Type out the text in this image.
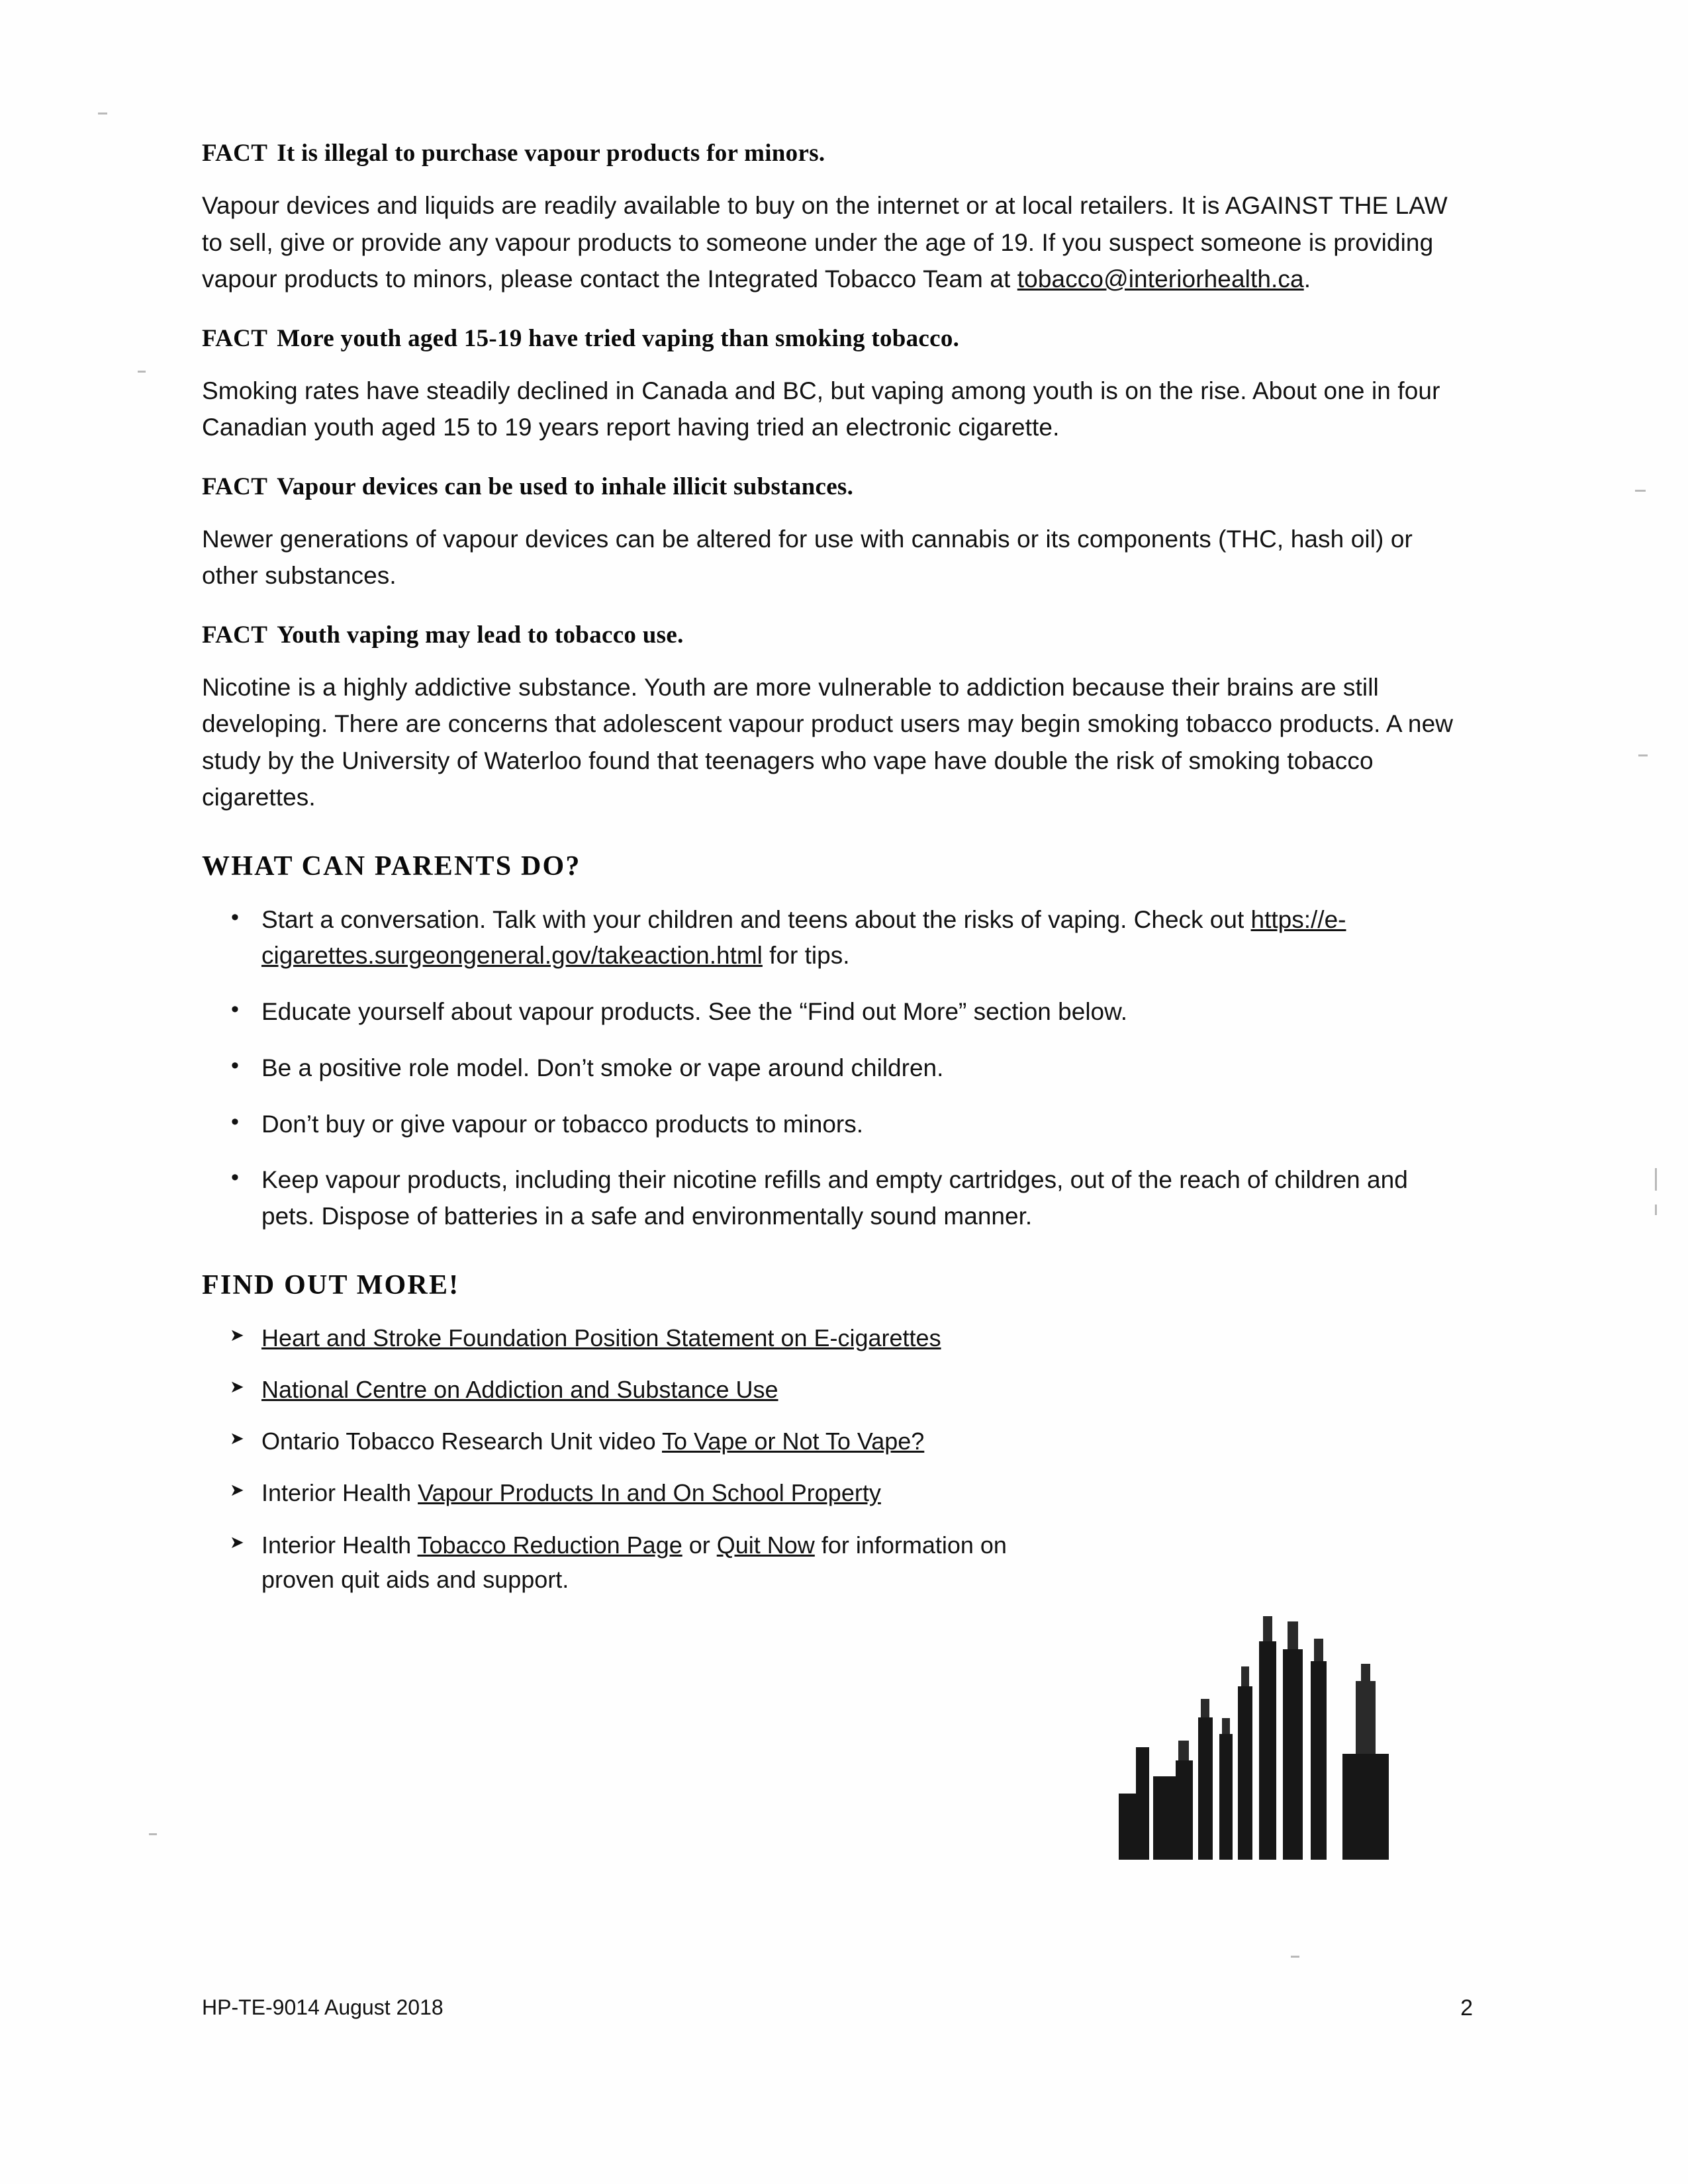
FACT It is illegal to purchase vapour products for minors.

Vapour devices and liquids are readily available to buy on the internet or at local retailers. It is AGAINST THE LAW to sell, give or provide any vapour products to someone under the age of 19. If you suspect someone is providing vapour products to minors, please contact the Integrated Tobacco Team at tobacco@interiorhealth.ca.

FACT More youth aged 15-19 have tried vaping than smoking tobacco.

Smoking rates have steadily declined in Canada and BC, but vaping among youth is on the rise. About one in four Canadian youth aged 15 to 19 years report having tried an electronic cigarette.

FACT Vapour devices can be used to inhale illicit substances.

Newer generations of vapour devices can be altered for use with cannabis or its components (THC, hash oil) or other substances.

FACT Youth vaping may lead to tobacco use.

Nicotine is a highly addictive substance. Youth are more vulnerable to addiction because their brains are still developing. There are concerns that adolescent vapour product users may begin smoking tobacco products. A new study by the University of Waterloo found that teenagers who vape have double the risk of smoking tobacco cigarettes.

WHAT CAN PARENTS DO?
• Start a conversation. Talk with your children and teens about the risks of vaping. Check out https://e-cigarettes.surgeongeneral.gov/takeaction.html for tips.
• Educate yourself about vapour products. See the “Find out More” section below.
• Be a positive role model. Don’t smoke or vape around children.
• Don’t buy or give vapour or tobacco products to minors.
• Keep vapour products, including their nicotine refills and empty cartridges, out of the reach of children and pets. Dispose of batteries in a safe and environmentally sound manner.
FIND OUT MORE!
➤ Heart and Stroke Foundation Position Statement on E-cigarettes
➤ National Centre on Addiction and Substance Use
➤ Ontario Tobacco Research Unit video To Vape or Not To Vape?
➤ Interior Health Vapour Products In and On School Property
➤ Interior Health Tobacco Reduction Page or Quit Now for information on proven quit aids and support.
HP-TE-9014 August 2018	2
